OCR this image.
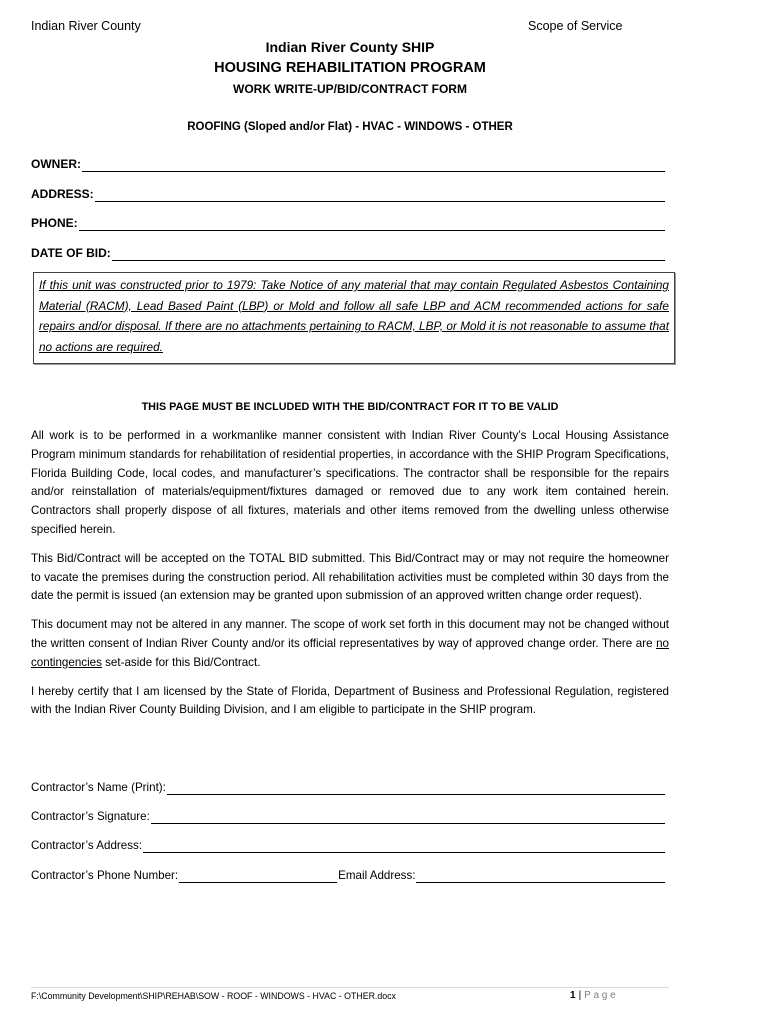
Indian River County	Scope of Service
Indian River County SHIP
HOUSING REHABILITATION PROGRAM
WORK WRITE-UP/BID/CONTRACT FORM
ROOFING (Sloped and/or Flat) - HVAC - WINDOWS - OTHER
OWNER:
ADDRESS:
PHONE:
DATE OF BID:

If this unit was constructed prior to 1979: Take Notice of any material that may contain Regulated Asbestos Containing Material (RACM), Lead Based Paint (LBP) or Mold and follow all safe LBP and ACM recommended actions for safe repairs and/or disposal. If there are no attachments pertaining to RACM, LBP, or Mold it is not reasonable to assume that no actions are required.

THIS PAGE MUST BE INCLUDED WITH THE BID/CONTRACT FOR IT TO BE VALID

All work is to be performed in a workmanlike manner consistent with Indian River County’s Local Housing Assistance Program minimum standards for rehabilitation of residential properties, in accordance with the SHIP Program Specifications, Florida Building Code, local codes, and manufacturer’s specifications. The contractor shall be responsible for the repairs and/or reinstallation of materials/equipment/fixtures damaged or removed due to any work item contained herein. Contractors shall properly dispose of all fixtures, materials and other items removed from the dwelling unless otherwise specified herein.

This Bid/Contract will be accepted on the TOTAL BID submitted. This Bid/Contract may or may not require the homeowner to vacate the premises during the construction period. All rehabilitation activities must be completed within 30 days from the date the permit is issued (an extension may be granted upon submission of an approved written change order request).

This document may not be altered in any manner. The scope of work set forth in this document may not be changed without the written consent of Indian River County and/or its official representatives by way of approved change order. There are no contingencies set-aside for this Bid/Contract.

I hereby certify that I am licensed by the State of Florida, Department of Business and Professional Regulation, registered with the Indian River County Building Division, and I am eligible to participate in the SHIP program.

Contractor’s Name (Print):
Contractor’s Signature:
Contractor’s Address:
Contractor’s Phone Number:	Email Address:
F:\Community Development\SHIP\REHAB\SOW - ROOF - WINDOWS - HVAC - OTHER.docx	1 | P a g e
